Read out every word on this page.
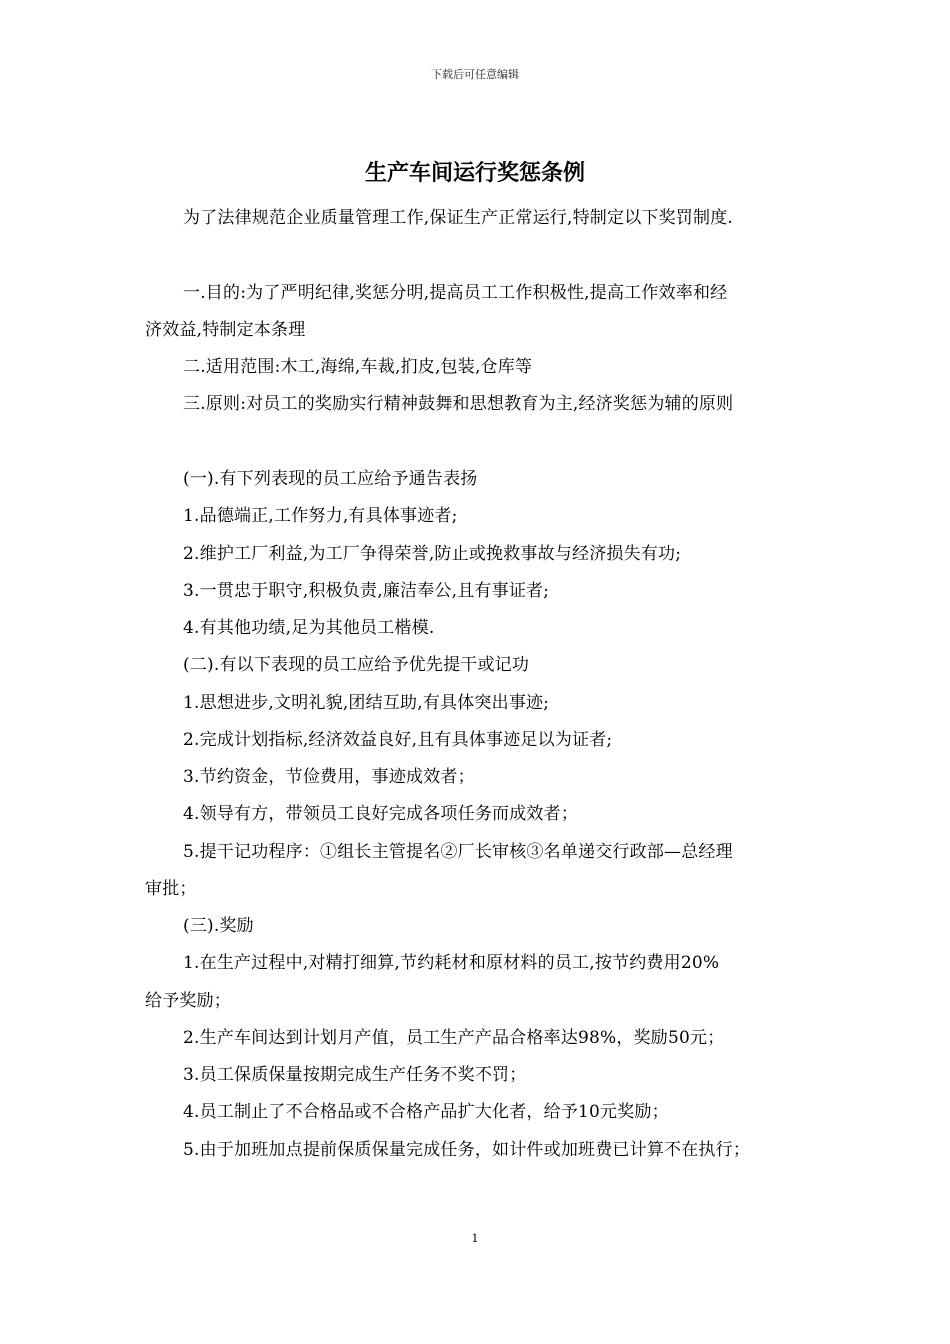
下载后可任意编辑
生产车间运行奖惩条例
为了法律规范企业质量管理工作,保证生产正常运行,特制定以下奖罚制度.
一.目的:为了严明纪律,奖惩分明,提高员工工作积极性,提高工作效率和经
济效益,特制定本条理
二.适用范围:木工,海绵,车裁,扪皮,包装,仓库等
三.原则:对员工的奖励实行精神鼓舞和思想教育为主,经济奖惩为辅的原则
(一).有下列表现的员工应给予通告表扬
1.品德端正,工作努力,有具体事迹者;
2.维护工厂利益,为工厂争得荣誉,防止或挽救事故与经济损失有功;
3.一贯忠于职守,积极负责,廉洁奉公,且有事证者;
4.有其他功绩,足为其他员工楷模.
(二).有以下表现的员工应给予优先提干或记功
1.思想进步,文明礼貌,团结互助,有具体突出事迹;
2.完成计划指标,经济效益良好,且有具体事迹足以为证者;
3.节约资金，节俭费用，事迹成效者；
4.领导有方，带领员工良好完成各项任务而成效者；
5.提干记功程序：①组长主管提名②厂长审核③名单递交行政部—总经理
审批；
(三).奖励
1.在生产过程中,对精打细算,节约耗材和原材料的员工,按节约费用20%
给予奖励；
2.生产车间达到计划月产值，员工生产产品合格率达98%，奖励50元；
3.员工保质保量按期完成生产任务不奖不罚；
4.员工制止了不合格品或不合格产品扩大化者，给予10元奖励；
5.由于加班加点提前保质保量完成任务，如计件或加班费已计算不在执行；
1
